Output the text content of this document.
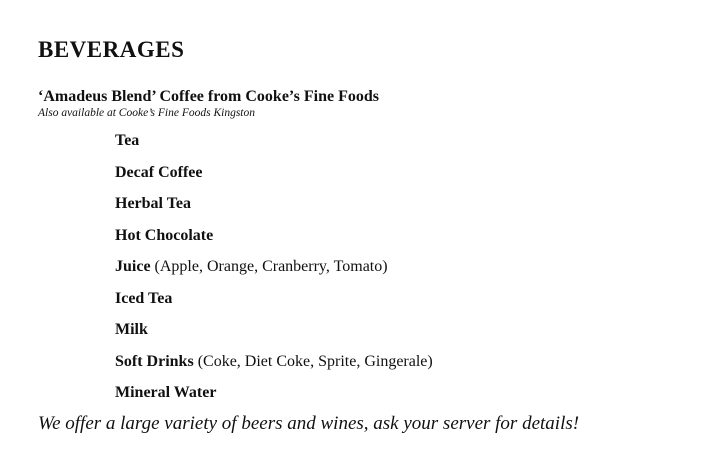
BEVERAGES
‘Amadeus Blend’ Coffee from Cooke’s Fine Foods

Also available at Cooke’s Fine Foods Kingston

Tea
Decaf Coffee
Herbal Tea
Hot Chocolate
Juice (Apple, Orange, Cranberry, Tomato)
Iced Tea
Milk
Soft Drinks (Coke, Diet Coke, Sprite, Gingerale)
Mineral Water

We offer a large variety of beers and wines, ask your server for details!
